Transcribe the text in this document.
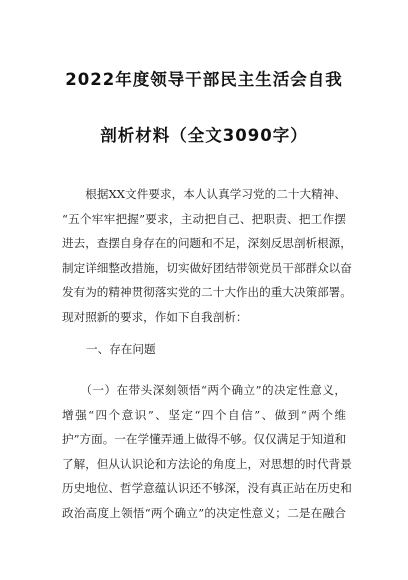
2022年度领导干部民主生活会自我
剖析材料（全文3090字）
　　根据XX文件要求，本人认真学习党的二十大精神、
“五个牢牢把握”要求，主动把自己、把职责、把工作摆
进去，查摆自身存在的问题和不足，深刻反思剖析根源，
制定详细整改措施，切实做好团结带领党员干部群众以奋
发有为的精神贯彻落实党的二十大作出的重大决策部署。
现对照新的要求，作如下自我剖析：
一、存在问题
　　（一）在带头深刻领悟“两个确立”的决定性意义，
增强“四个意识”、坚定“四个自信”、做到“两个维
护”方面。一在学懂弄通上做得不够。仅仅满足于知道和
了解，但从认识论和方法论的角度上，对思想的时代背景
历史地位、哲学意蕴认识还不够深，没有真正站在历史和
政治高度上领悟“两个确立”的决定性意义；二是在融合
